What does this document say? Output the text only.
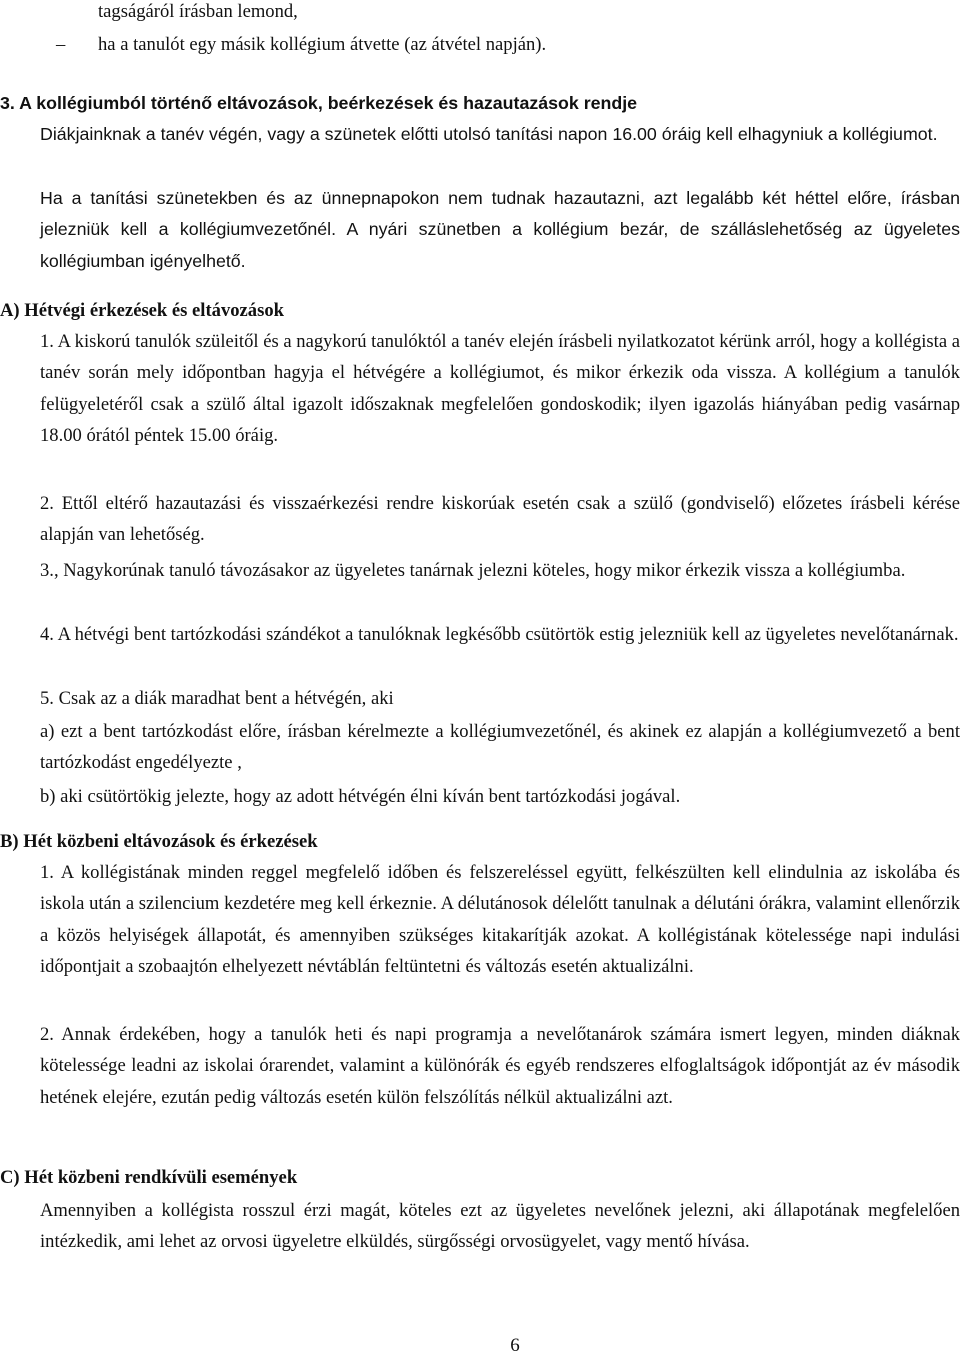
tagságáról írásban lemond,

– ha a tanulót egy másik kollégium átvette (az átvétel napján).

3. A kollégiumból történő eltávozások, beérkezések és hazautazások rendje

Diákjainknak a tanév végén, vagy a szünetek előtti utolsó tanítási napon 16.00 óráig kell elhagyniuk a kollégiumot.

Ha a tanítási szünetekben és az ünnepnapokon nem tudnak hazautazni, azt legalább két héttel előre, írásban jelezniük kell a kollégiumvezetőnél. A nyári szünetben a kollégium bezár, de szálláslehetőség az ügyeletes kollégiumban igényelhető.

A) Hétvégi érkezések és eltávozások

1. A kiskorú tanulók szüleitől és a nagykorú tanulóktól a tanév elején írásbeli nyilatkozatot kérünk arról, hogy a kollégista a tanév során mely időpontban hagyja el hétvégére a kollégiumot, és mikor érkezik oda vissza. A kollégium a tanulók felügyeletéről csak a szülő által igazolt időszaknak megfelelően gondoskodik; ilyen igazolás hiányában pedig vasárnap 18.00 órától péntek 15.00 óráig.

2. Ettől eltérő hazautazási és visszaérkezési rendre kiskorúak esetén csak a szülő (gondviselő) előzetes írásbeli kérése alapján van lehetőség.

3., Nagykorúnak tanuló távozásakor az ügyeletes tanárnak jelezni köteles, hogy mikor érkezik vissza a kollégiumba.

4. A hétvégi bent tartózkodási szándékot a tanulóknak legkésőbb csütörtök estig jelezniük kell az ügyeletes nevelőtanárnak.

5. Csak az a diák maradhat bent a hétvégén, aki

a) ezt a bent tartózkodást előre, írásban kérelmezte a kollégiumvezetőnél, és akinek ez alapján a kollégiumvezető a bent tartózkodást engedélyezte ,

b) aki csütörtökig jelezte, hogy az adott hétvégén élni kíván bent tartózkodási jogával.

B) Hét közbeni eltávozások és érkezések

1. A kollégistának minden reggel megfelelő időben és felszereléssel együtt, felkészülten kell elindulnia az iskolába és iskola után a szilencium kezdetére meg kell érkeznie. A délutánosok délelőtt tanulnak a délutáni órákra, valamint ellenőrzik a közös helyiségek állapotát, és amennyiben szükséges kitakarítják azokat. A kollégistának kötelessége napi indulási időpontjait a szobaajtón elhelyezett névtáblán feltüntetni és változás esetén aktualizálni.

2. Annak érdekében, hogy a tanulók heti és napi programja a nevelőtanárok számára ismert legyen, minden diáknak kötelessége leadni az iskolai órarendet, valamint a különórák és egyéb rendszeres elfoglaltságok időpontját az év második hetének elejére, ezután pedig változás esetén külön felszólítás nélkül aktualizálni azt.

C) Hét közbeni rendkívüli események

Amennyiben a kollégista rosszul érzi magát, köteles ezt az ügyeletes nevelőnek jelezni, aki állapotának megfelelően intézkedik, ami lehet az orvosi ügyeletre elküldés, sürgősségi orvosügyelet, vagy mentő hívása.

6
